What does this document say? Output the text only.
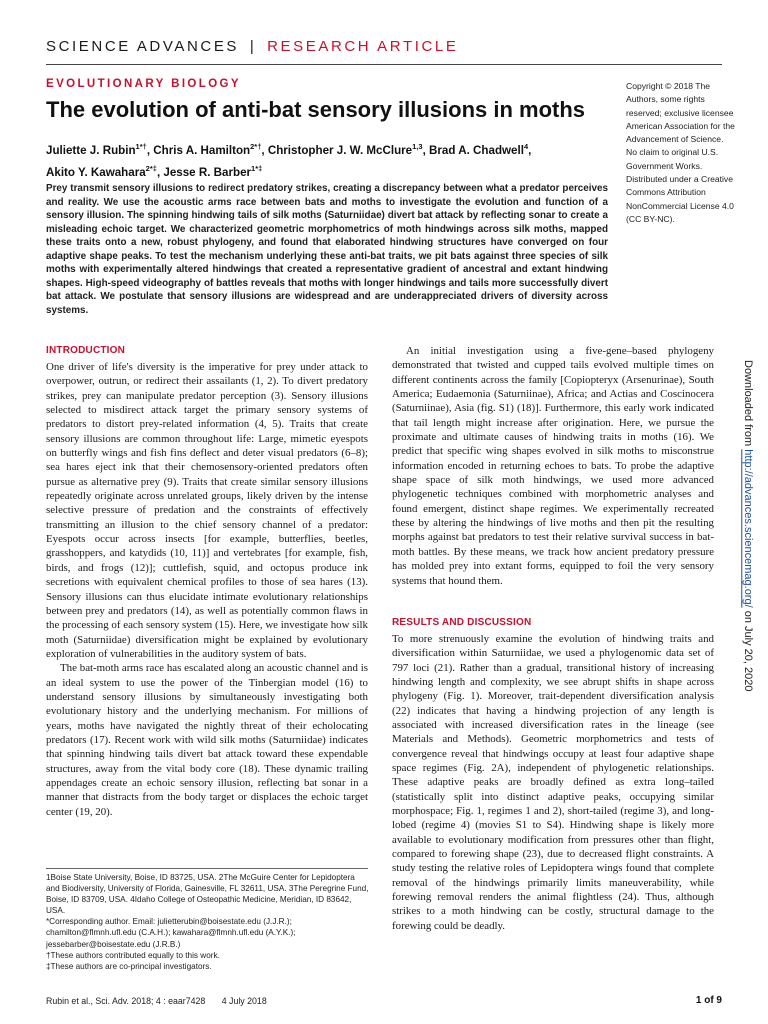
SCIENCE ADVANCES | RESEARCH ARTICLE
EVOLUTIONARY BIOLOGY
The evolution of anti-bat sensory illusions in moths
Juliette J. Rubin$^{1*\dagger}$, Chris A. Hamilton$^{2*\dagger}$, Christopher J. W. McClure$^{1,3}$, Brad A. Chadwell$^4$,
Akito Y. Kawahara$^{2*\ddagger}$, Jesse R. Barber$^{1*\ddagger}$
Copyright © 2018 The Authors, some rights reserved; exclusive licensee American Association for the Advancement of Science. No claim to original U.S. Government Works. Distributed under a Creative Commons Attribution NonCommercial License 4.0 (CC BY-NC).
Prey transmit sensory illusions to redirect predatory strikes, creating a discrepancy between what a predator perceives and reality. We use the acoustic arms race between bats and moths to investigate the evolution and function of a sensory illusion. The spinning hindwing tails of silk moths (Saturniidae) divert bat attack by reflecting sonar to create a misleading echoic target. We characterized geometric morphometrics of moth hindwings across silk moths, mapped these traits onto a new, robust phylogeny, and found that elaborated hindwing structures have converged on four adaptive shape peaks. To test the mechanism underlying these anti-bat traits, we pit bats against three species of silk moths with experimentally altered hindwings that created a representative gradient of ancestral and extant hindwing shapes. High-speed videography of battles reveals that moths with longer hindwings and tails more successfully divert bat attack. We postulate that sensory illusions are widespread and are underappreciated drivers of diversity across systems.
INTRODUCTION

One driver of life's diversity is the imperative for prey under attack to overpower, outrun, or redirect their assailants (1, 2). To divert predatory strikes, prey can manipulate predator perception (3). Sensory illusions selected to misdirect attack target the primary sensory systems of predators to distort prey-related information (4, 5). Traits that create sensory illusions are common throughout life: Large, mimetic eyespots on butterfly wings and fish fins deflect and deter visual predators (6–8); sea hares eject ink that their chemosensory-oriented predators often pursue as alternative prey (9). Traits that create similar sensory illusions repeatedly originate across unrelated groups, likely driven by the intense selective pressure of predation and the constraints of effectively transmitting an illusion to the chief sensory channel of a predator: Eyespots occur across insects [for example, butterflies, beetles, grasshoppers, and katydids (10, 11)] and vertebrates [for example, fish, birds, and frogs (12)]; cuttlefish, squid, and octopus produce ink secretions with equivalent chemical profiles to those of sea hares (13). Sensory illusions can thus elucidate intimate evolutionary relationships between prey and predators (14), as well as potentially common flaws in the processing of each sensory system (15). Here, we investigate how silk moth (Saturniidae) diversification might be explained by evolutionary exploration of vulnerabilities in the auditory system of bats.

The bat-moth arms race has escalated along an acoustic channel and is an ideal system to use the power of the Tinbergian model (16) to understand sensory illusions by simultaneously investigating both evolutionary history and the underlying mechanism. For millions of years, moths have navigated the nightly threat of their echolocating predators (17). Recent work with wild silk moths (Saturniidae) indicates that spinning hindwing tails divert bat attack toward these expendable structures, away from the vital body core (18). These dynamic trailing appendages create an echoic sensory illusion, reflecting bat sonar in a manner that distracts from the body target or displaces the echoic target center (19, 20).

An initial investigation using a five-gene–based phylogeny demonstrated that twisted and cupped tails evolved multiple times on different continents across the family [Copiopteryx (Arsenurinae), South America; Eudaemonia (Saturniinae), Africa; and Actias and Coscinocera (Saturniinae), Asia (fig. S1) (18)]. Furthermore, this early work indicated that tail length might increase after origination. Here, we pursue the proximate and ultimate causes of hindwing traits in moths (16). We predict that specific wing shapes evolved in silk moths to misconstrue information encoded in returning echoes to bats. To probe the adaptive shape space of silk moth hindwings, we used more advanced phylogenetic techniques combined with morphometric analyses and found emergent, distinct shape regimes. We experimentally recreated these by altering the hindwings of live moths and then pit the resulting morphs against bat predators to test their relative survival success in bat-moth battles. By these means, we track how ancient predatory pressure has molded prey into extant forms, equipped to foil the very sensory systems that hound them.

RESULTS AND DISCUSSION

To more strenuously examine the evolution of hindwing traits and diversification within Saturniidae, we used a phylogenomic data set of 797 loci (21). Rather than a gradual, transitional history of increasing hindwing length and complexity, we see abrupt shifts in shape across phylogeny (Fig. 1). Moreover, trait-dependent diversification analysis (22) indicates that having a hindwing projection of any length is associated with increased diversification rates in the lineage (see Materials and Methods). Geometric morphometrics and tests of convergence reveal that hindwings occupy at least four adaptive shape space regimes (Fig. 2A), independent of phylogenetic relationships. These adaptive peaks are broadly defined as extra long–tailed (statistically split into distinct adaptive peaks, occupying similar morphospace; Fig. 1, regimes 1 and 2), short-tailed (regime 3), and long-lobed (regime 4) (movies S1 to S4). Hindwing shape is likely more available to evolutionary modification from pressures other than flight, compared to forewing shape (23), due to decreased flight constraints. A study testing the relative roles of Lepidoptera wings found that complete removal of the hindwings primarily limits maneuverability, while forewing removal renders the animal flightless (24). Thus, although strikes to a moth hindwing can be costly, structural damage to the forewing could be deadly.

1Boise State University, Boise, ID 83725, USA. 2The McGuire Center for Lepidoptera and Biodiversity, University of Florida, Gainesville, FL 32611, USA. 3The Peregrine Fund, Boise, ID 83709, USA. 4Idaho College of Osteopathic Medicine, Meridian, ID 83642, USA.

*Corresponding author. Email: julietterubin@boisestate.edu (J.J.R.); chamilton@flmnh.ufl.edu (C.A.H.); kawahara@flmnh.ufl.edu (A.Y.K.); jessebarber@boisestate.edu (J.R.B.)

†These authors contributed equally to this work.

‡These authors are co-principal investigators.

Downloaded from http://advances.sciencemag.org/ on July 20, 2020
Rubin et al., Sci. Adv. 2018; 4 : eaar7428 4 July 2018	1 of 9
